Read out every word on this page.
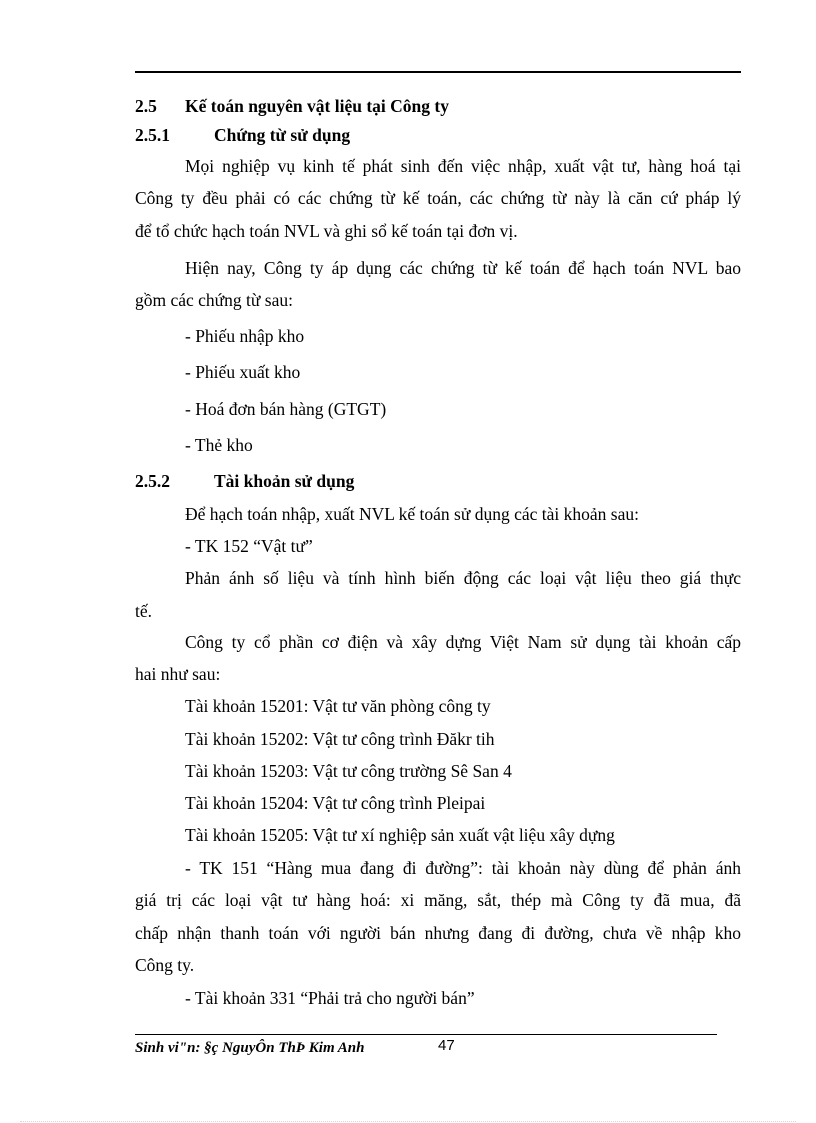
2.5 Kế toán nguyên vật liệu tại Công ty
2.5.1	Chứng từ sử dụng
Mọi nghiệp vụ kinh tế phát sinh đến việc nhập, xuất vật tư, hàng hoá tại
Công ty đều phải có các chứng từ kế toán, các chứng từ này là căn cứ pháp lý
để tổ chức hạch toán NVL và ghi sổ kế toán tại đơn vị.
Hiện nay, Công ty áp dụng các chứng từ kế toán để hạch toán NVL bao
gồm các chứng từ sau:
- Phiếu nhập kho
- Phiếu xuất kho
- Hoá đơn bán hàng (GTGT)
- Thẻ kho
2.5.2	Tài khoản sử dụng
Để hạch toán nhập, xuất NVL kế toán sử dụng các tài khoản sau:
- TK 152 “Vật tư”
Phản ánh số liệu và tính hình biến động các loại vật liệu theo giá thực
tế.
Công ty cổ phần cơ điện và xây dựng Việt Nam sử dụng tài khoản cấp
hai như sau:
Tài khoản 15201: Vật tư văn phòng công ty
Tài khoản 15202: Vật tư công trình Đăkr tih
Tài khoản 15203: Vật tư công trường Sê San 4
Tài khoản 15204: Vật tư công trình Pleipai
Tài khoản 15205: Vật tư xí nghiệp sản xuất vật liệu xây dựng
- TK 151 “Hàng mua đang đi đường”: tài khoản này dùng để phản ánh
giá trị các loại vật tư hàng hoá: xi măng, sắt, thép mà Công ty đã mua, đã
chấp nhận thanh toán với người bán nhưng đang đi đường, chưa về nhập kho
Công ty.
- Tài khoản 331 “Phải trả cho người bán”
Sinh vi"n: §ç NguyÔn ThÞ Kim Anh	47
